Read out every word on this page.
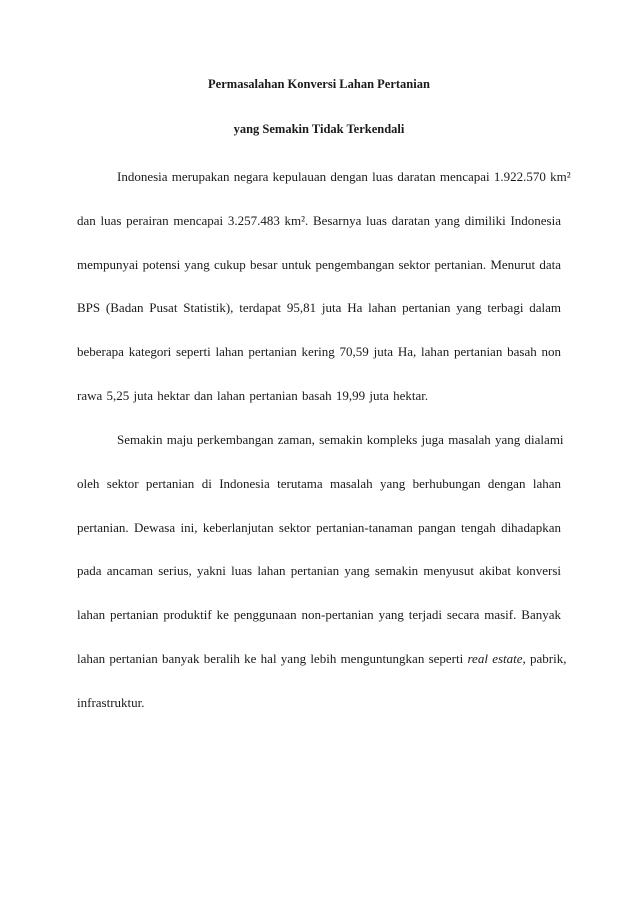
Permasalahan Konversi Lahan Pertanian
yang Semakin Tidak Terkendali
Indonesia merupakan negara kepulauan dengan luas daratan mencapai 1.922.570 km²
dan luas perairan mencapai 3.257.483 km². Besarnya luas daratan yang dimiliki Indonesia
mempunyai potensi yang cukup besar untuk pengembangan sektor pertanian. Menurut data
BPS (Badan Pusat Statistik), terdapat 95,81 juta Ha lahan pertanian yang terbagi dalam
beberapa kategori seperti lahan pertanian kering 70,59 juta Ha, lahan pertanian basah non
rawa 5,25 juta hektar dan lahan pertanian basah 19,99 juta hektar.
Semakin maju perkembangan zaman, semakin kompleks juga masalah yang dialami
oleh sektor pertanian di Indonesia terutama masalah yang berhubungan dengan lahan
pertanian. Dewasa ini, keberlanjutan sektor pertanian-tanaman pangan tengah dihadapkan
pada ancaman serius, yakni luas lahan pertanian yang semakin menyusut akibat konversi
lahan pertanian produktif ke penggunaan non-pertanian yang terjadi secara masif. Banyak
lahan pertanian banyak beralih ke hal yang lebih menguntungkan seperti real estate, pabrik,
infrastruktur.
